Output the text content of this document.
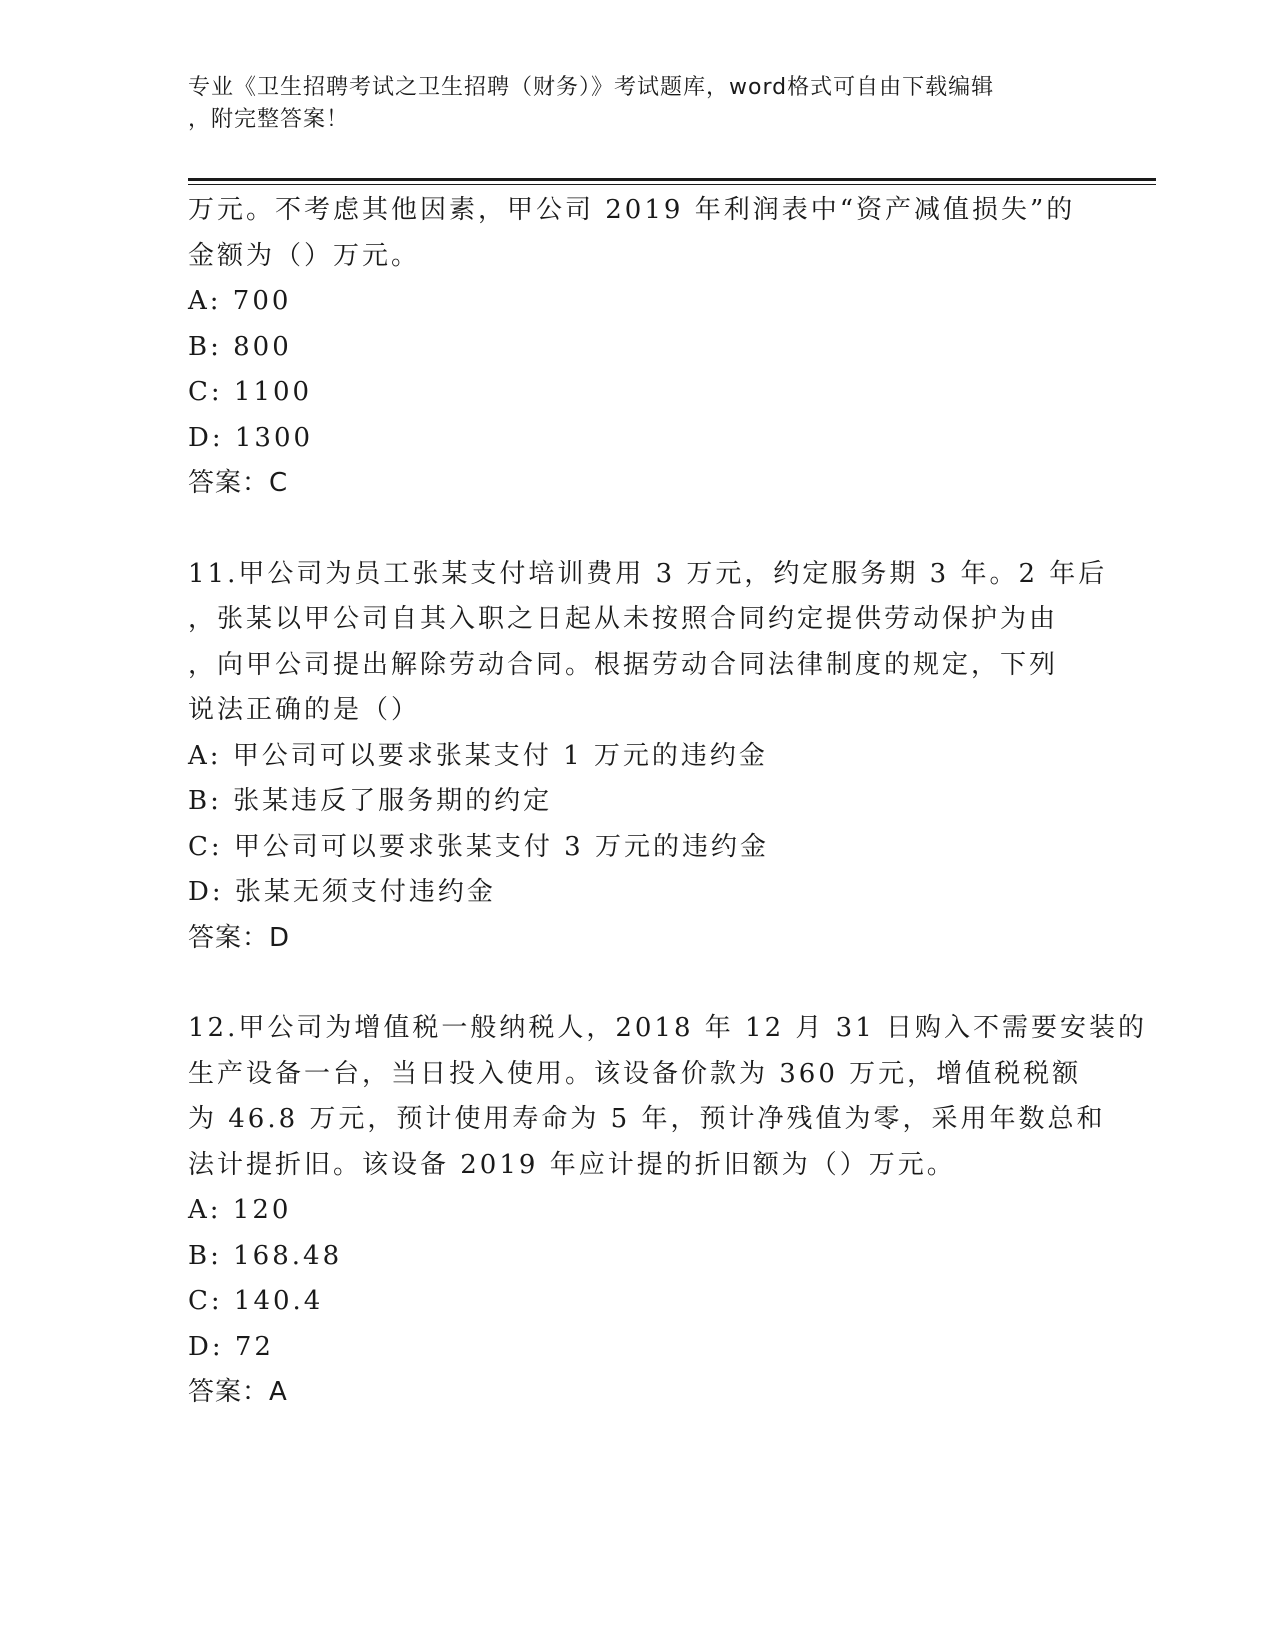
专业《卫生招聘考试之卫生招聘（财务）》考试题库，word格式可自由下载编辑
，附完整答案！
万元。不考虑其他因素，甲公司 2019 年利润表中“资产减值损失”的
金额为（）万元。
A: 700
B: 800
C: 1100
D: 1300
答案：C
11.甲公司为员工张某支付培训费用 3 万元，约定服务期 3 年。2 年后
，张某以甲公司自其入职之日起从未按照合同约定提供劳动保护为由
，向甲公司提出解除劳动合同。根据劳动合同法律制度的规定，下列
说法正确的是（）
A: 甲公司可以要求张某支付 1 万元的违约金
B: 张某违反了服务期的约定
C: 甲公司可以要求张某支付 3 万元的违约金
D: 张某无须支付违约金
答案：D
12.甲公司为增值税一般纳税人，2018 年 12 月 31 日购入不需要安装的
生产设备一台，当日投入使用。该设备价款为 360 万元，增值税税额
为 46.8 万元，预计使用寿命为 5 年，预计净残值为零，采用年数总和
法计提折旧。该设备 2019 年应计提的折旧额为（）万元。
A: 120
B: 168.48
C: 140.4
D: 72
答案：A
